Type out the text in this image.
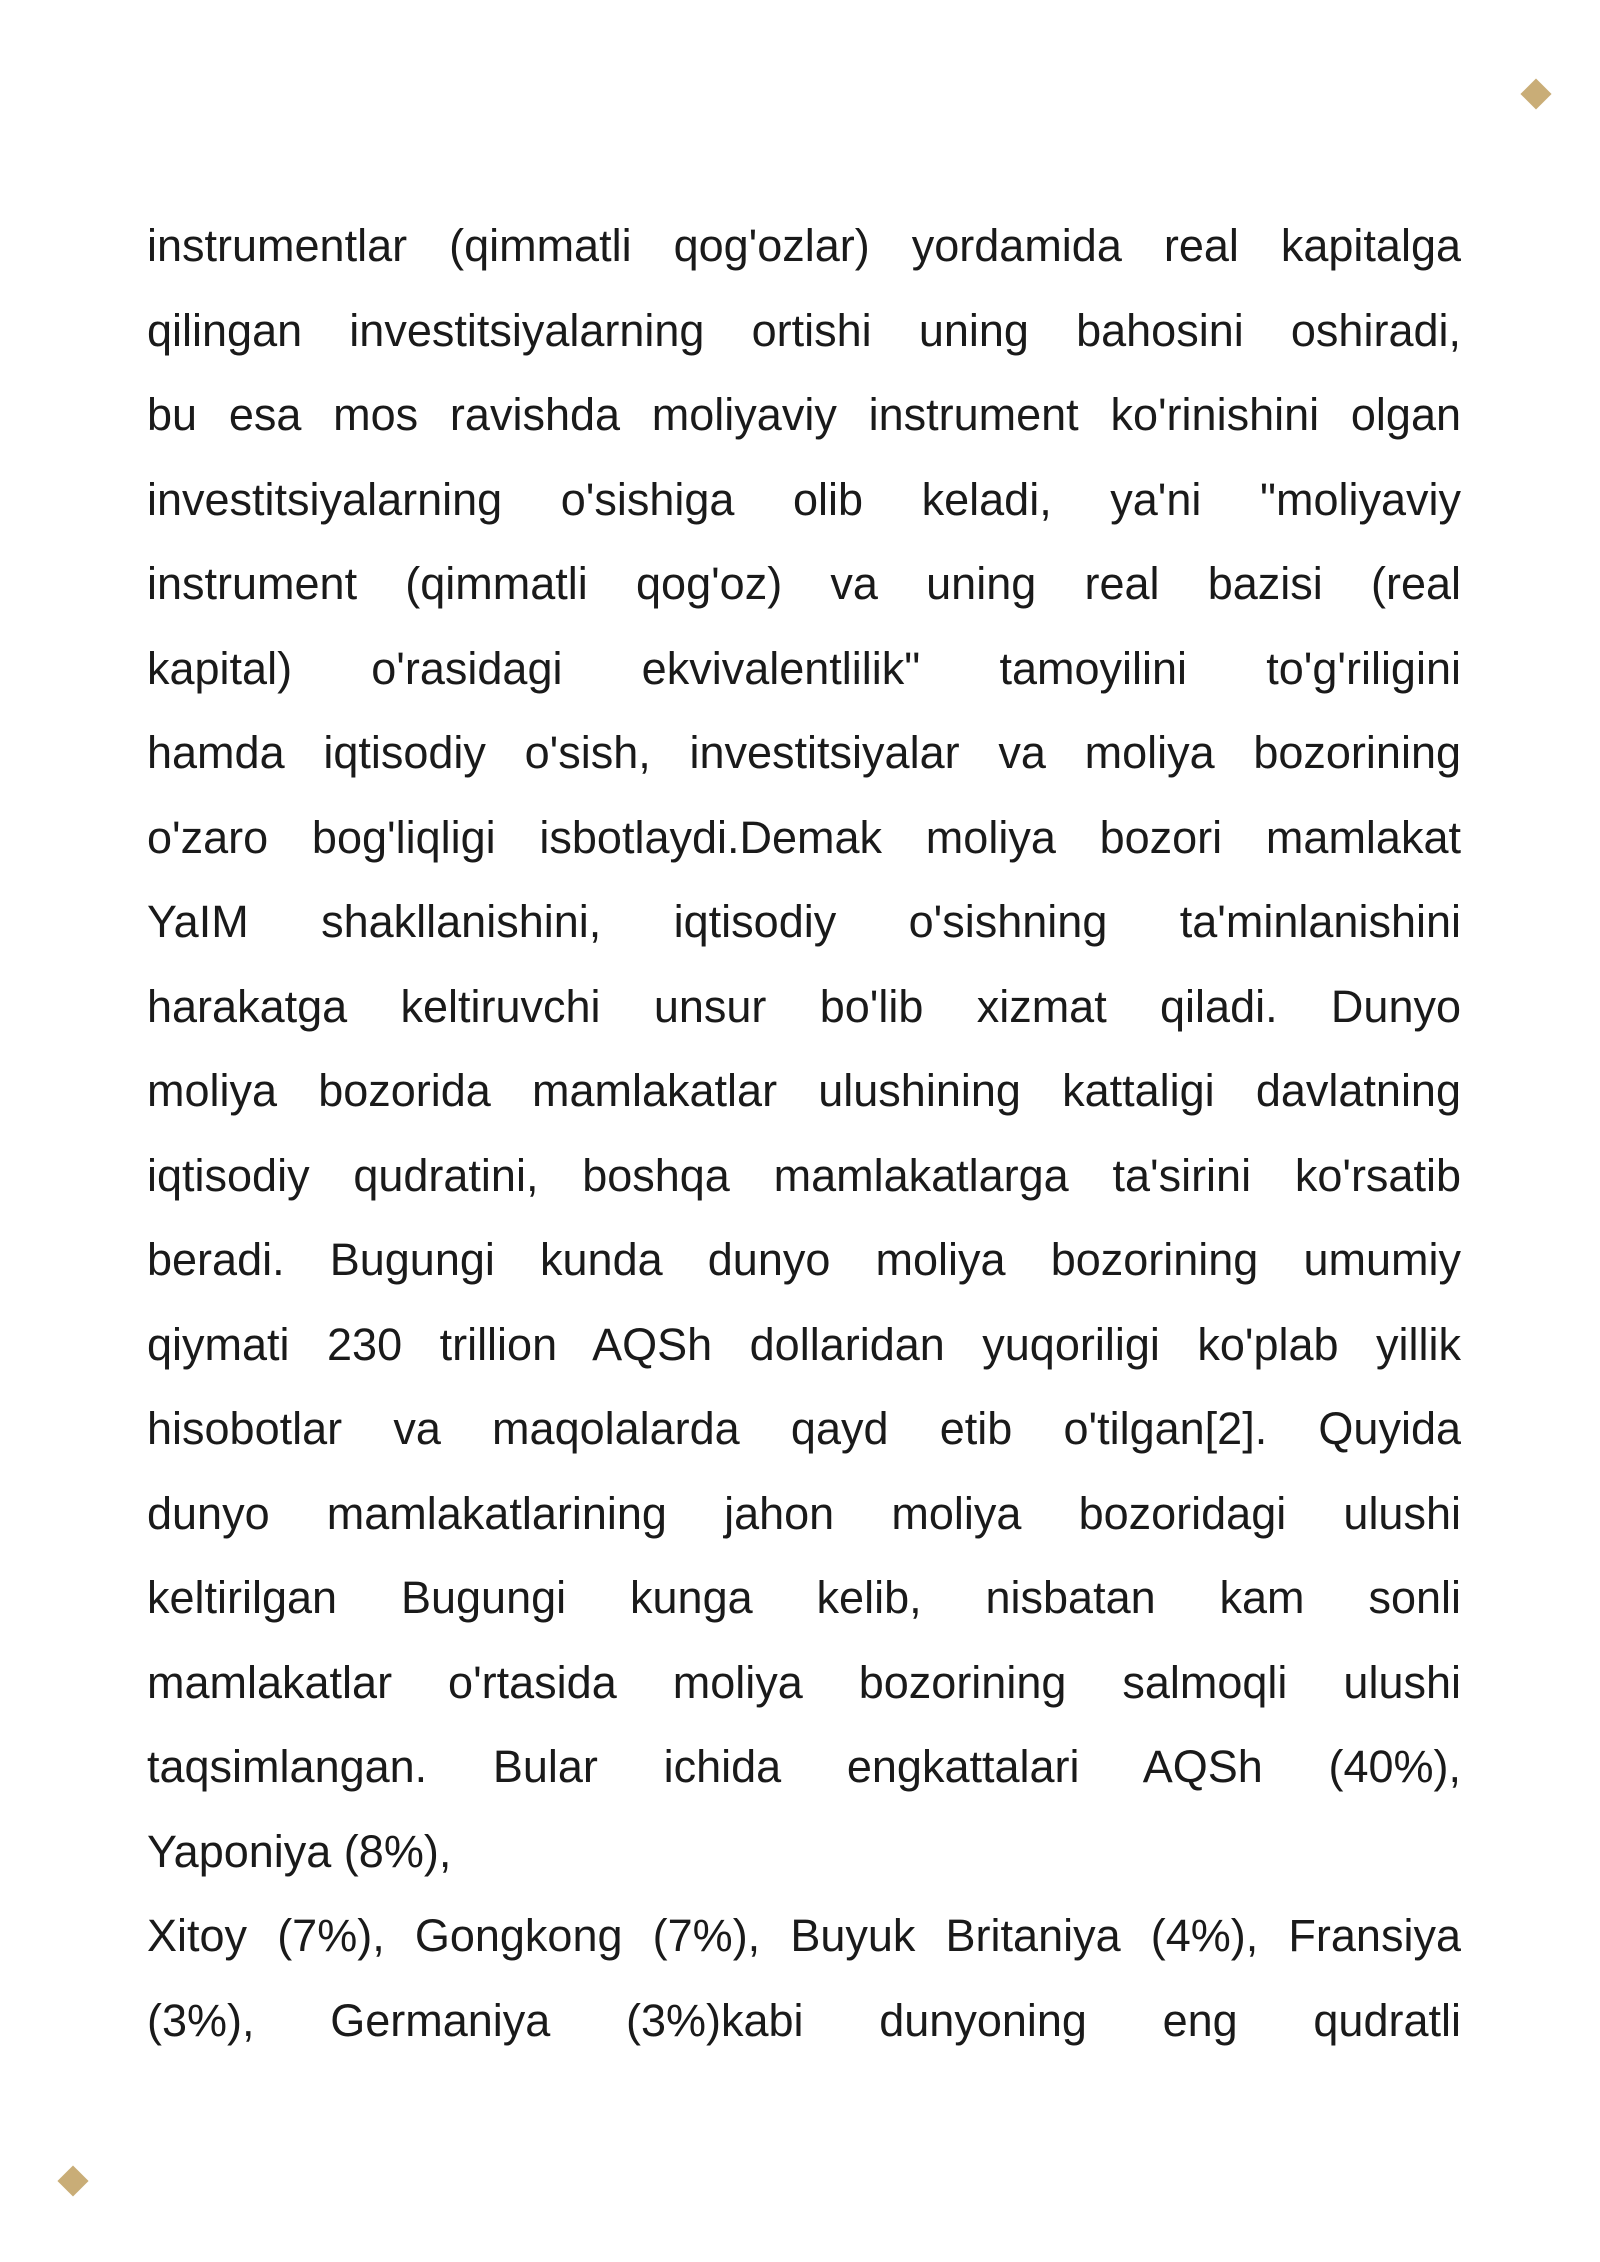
instrumentlar (qimmatli qog'ozlar) yordamida real kapitalga
qilingan investitsiyalarning ortishi uning bahosini oshiradi,
bu esa mos ravishda moliyaviy instrument ko'rinishini olgan
investitsiyalarning o'sishiga olib keladi, ya'ni "moliyaviy
instrument (qimmatli qog'oz) va uning real bazisi (real
kapital) o'rasidagi ekvivalentlilik" tamoyilini to'g'riligini
hamda iqtisodiy o'sish, investitsiyalar va moliya bozorining
o'zaro bog'liqligi isbotlaydi.Demak moliya bozori mamlakat
YaIM shakllanishini, iqtisodiy o'sishning ta'minlanishini
harakatga keltiruvchi unsur bo'lib xizmat qiladi. Dunyo
moliya bozorida mamlakatlar ulushining kattaligi davlatning
iqtisodiy qudratini, boshqa mamlakatlarga ta'sirini ko'rsatib
beradi. Bugungi kunda dunyo moliya bozorining umumiy
qiymati 230 trillion AQSh dollaridan yuqoriligi ko'plab yillik
hisobotlar va maqolalarda qayd etib o'tilgan[2]. Quyida
dunyo mamlakatlarining jahon moliya bozoridagi ulushi
keltirilgan Bugungi kunga kelib, nisbatan kam sonli
mamlakatlar o'rtasida moliya bozorining salmoqli ulushi
taqsimlangan. Bular ichida engkattalari AQSh (40%),
Yaponiya (8%),
Xitoy (7%), Gongkong (7%), Buyuk Britaniya (4%), Fransiya
(3%), Germaniya (3%)kabi dunyoning eng qudratli
